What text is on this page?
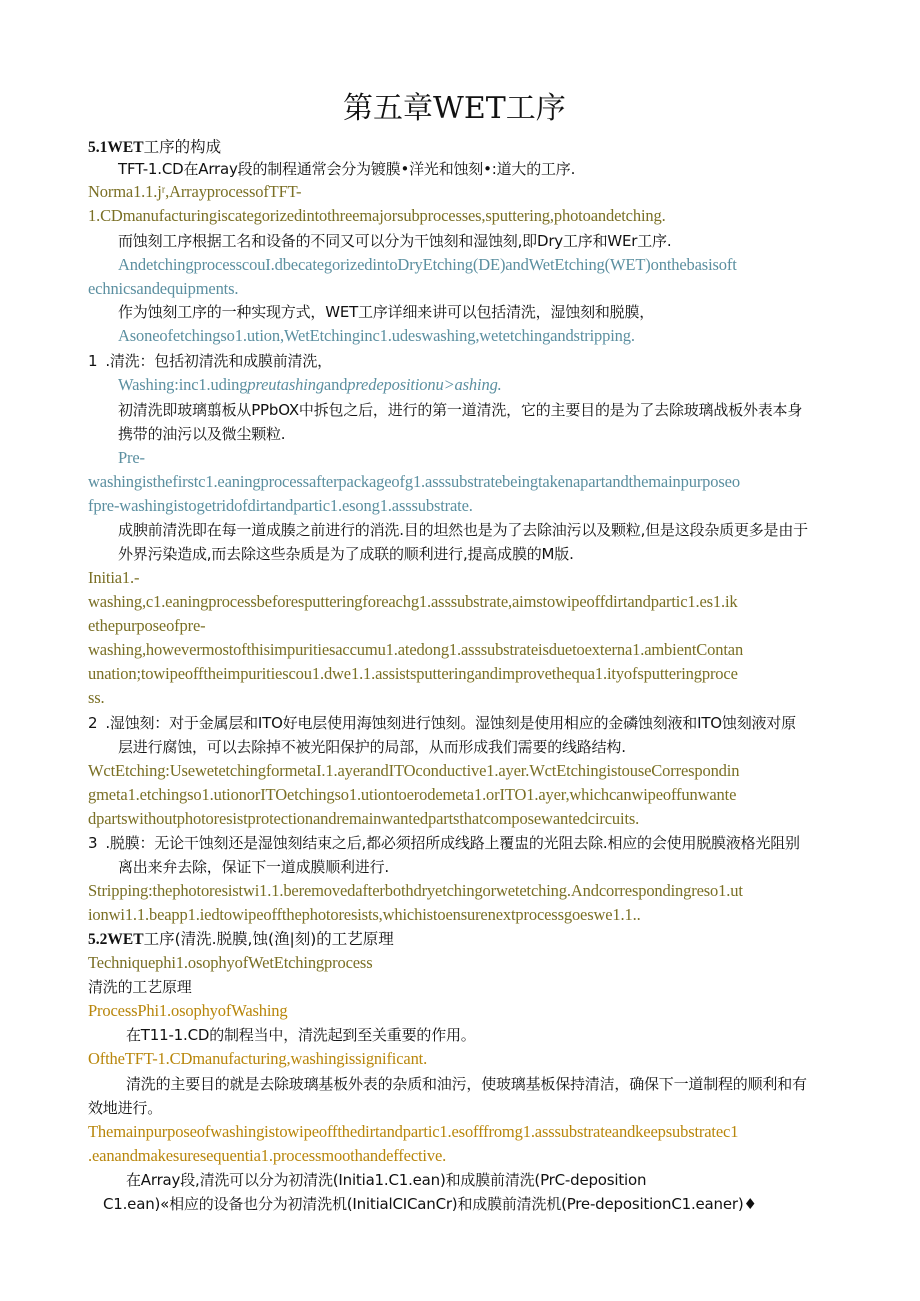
第五章WET工序
5.1WET工序的构成
TFT-1.CD在Array段的制程通常会分为镀膜•洋光和蚀刻•:道大的工序.
Norma1.1.jʳ,ArrayprocessofTFT-
1.CDmanufacturingiscategorizedintothreemajorsubprocesses,sputtering,photoandetching.
而蚀刻工序根据工名和设备的不同又可以分为干蚀刻和湿蚀刻,即Dry工序和WEr工序.
AndetchingprocesscouI.dbecategorizedintoDryEtching(DE)andWetEtching(WET)onthebasisoft
echnicsandequipments.
作为蚀刻工序的一种实现方式，WET工序详细来讲可以包括清洗，湿蚀刻和脱膜，
Asoneofetchingso1.ution,WetEtchinginc1.udeswashing,wetetchingandstripping.
1 .清洗：包括初清洗和成膜前清洗，
Washing:inc1.udingpreutashingandpredepositionu>ashing.
初清洗即玻璃翦板从PPbOX中拆包之后，进行的第一道清洗，它的主要目的是为了去除玻璃战板外表本身
携带的油污以及微尘颗粒.
Pre-
washingisthefirstc1.eaningprocessafterpackageofg1.asssubstratebeingtakenapartandthemainpurposeo
fpre-washingistogetridofdirtandpartic1.esong1.asssubstrate.
成腴前清洗即在每一道成腠之前进行的消洗.目的坦然也是为了去除油污以及颗粒,但是这段杂质更多是由于
外界污染造成,而去除这些杂质是为了成联的顺利进行,提高成膜的M版.
Initia1.-
washing,c1.eaningprocessbeforesputteringforeachg1.asssubstrate,aimstowipeoffdirtandpartic1.es1.ik
ethepurposeofpre-
washing,howevermostofthisimpuritiesaccumu1.atedong1.asssubstrateisduetoexterna1.ambientContan
unation;towipeofftheimpuritiescou1.dwe1.1.assistsputteringandimprovethequa1.ityofsputteringproce
ss.
2 .湿蚀刻：对于金属层和ITO好电层使用海蚀刻进行蚀刻。湿蚀刻是使用相应的金磷蚀刻液和ITO蚀刻液对原
层进行腐蚀，可以去除掉不被光阳保护的局部，从而形成我们需要的线路结构.
WctEtching:UsewetetchingformetaI.1.ayerandITOconductive1.ayer.WctEtchingistouseCorrespondin
gmeta1.etchingso1.utionorITOetchingso1.utiontoerodemeta1.orITO1.ayer,whichcanwipeoffunwante
dpartswithoutphotoresistprotectionandremainwantedpartsthatcomposewantedcircuits.
3 .脱膜：无论干蚀刻还是湿蚀刻结束之后,都必须招所成线路上覆盅的光阻去除.相应的会使用脱膜液格光阻别
离出来弁去除，保证下一道成膜顺利进行.
Stripping:thephotoresistwi1.1.beremovedafterbothdryetchingorwetetching.Andcorrespondingreso1.ut
ionwi1.1.beapp1.iedtowipeoffthephotoresists,whichistoensurenextprocessgoeswe1.1..
5.2WET工序(清洗.脱膜,蚀(渔|刻)的工艺原理
Techniquephi1.osophyofWetEtchingprocess
清洗的工艺原理
ProcessPhi1.osophyofWashing
在T11-1.CD的制程当中，清洗起到至关重要的作用。
OftheTFT-1.CDmanufacturing,washingissignificant.
清洗的主要目的就是去除玻璃基板外表的杂质和油污，使玻璃基板保持清洁，确保下一道制程的顺利和有
效地进行。
Themainpurposeofwashingistowipeoffthedirtandpartic1.esofffromg1.asssubstrateandkeepsubstratec1
.eanandmakesuresequentia1.processmoothandeffective.
在Array段,清洗可以分为初清洗(Initia1.C1.ean)和成膜前清洗(PrC-deposition
C1.ean)«相应的设备也分为初清洗机(InitialCICanCr)和成膜前清洗机(Pre-depositionC1.eaner)♦
